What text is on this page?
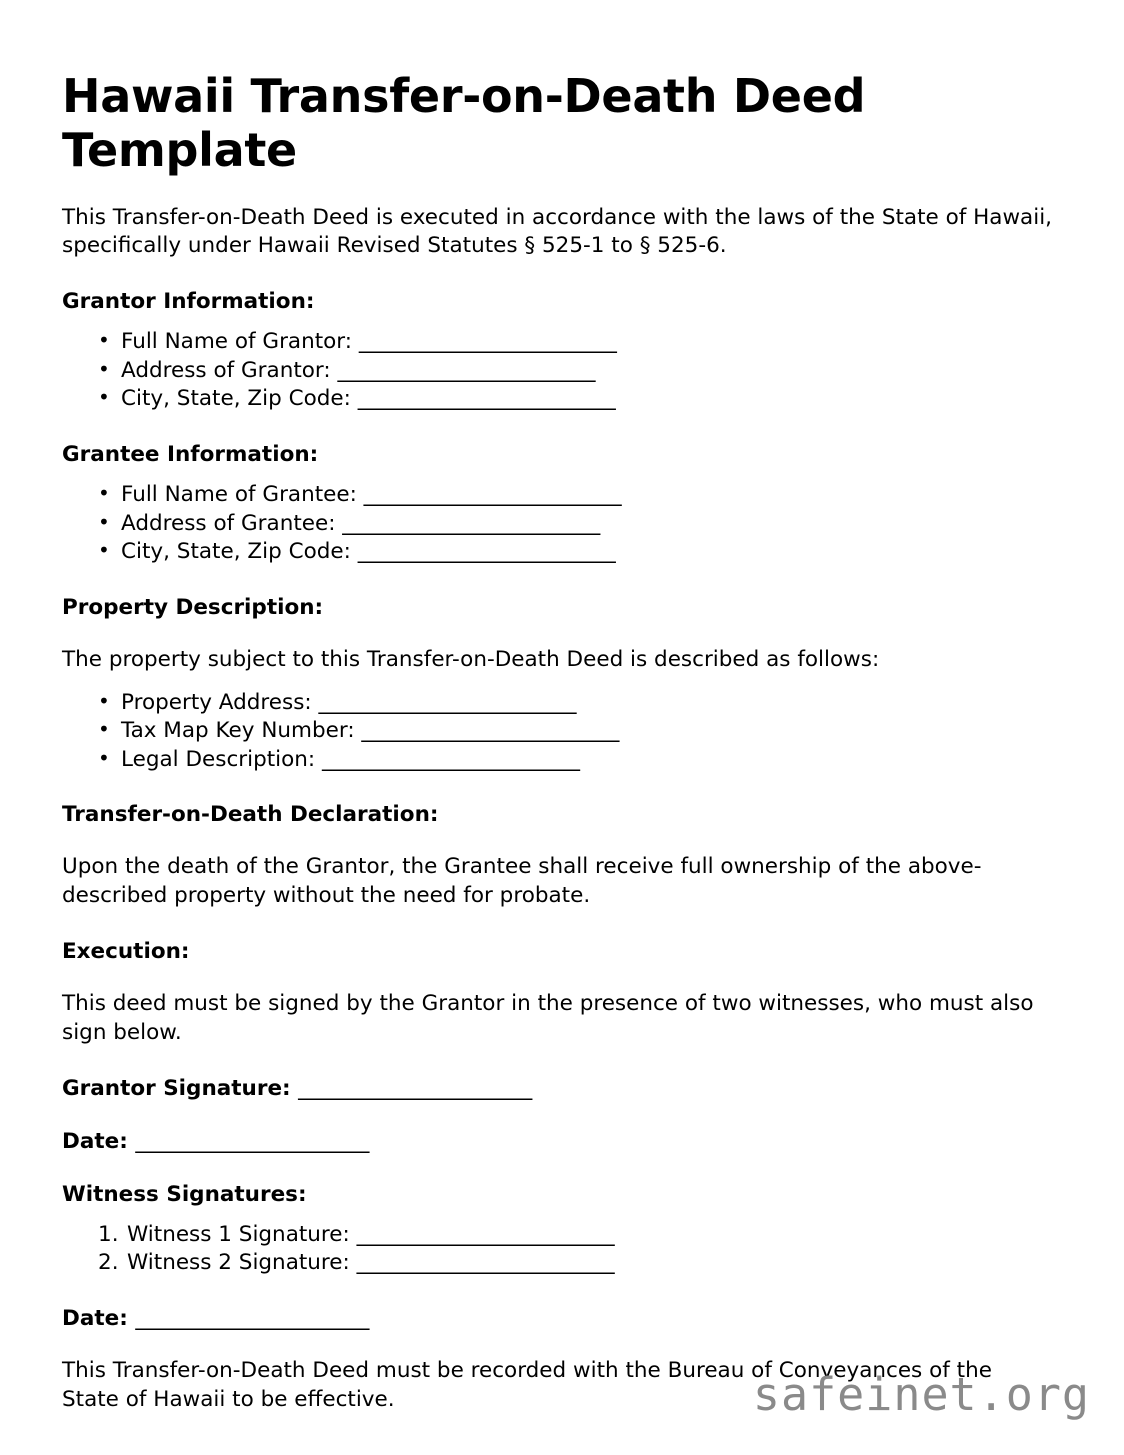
Hawaii Transfer-on-Death Deed Template

This Transfer-on-Death Deed is executed in accordance with the laws of the State of Hawaii, specifically under Hawaii Revised Statutes § 525-1 to § 525-6.

Grantor Information:
• Full Name of Grantor: ________________________
• Address of Grantor: ________________________
• City, State, Zip Code: ________________________
Grantee Information:
• Full Name of Grantee: ________________________
• Address of Grantee: ________________________
• City, State, Zip Code: ________________________
Property Description:

The property subject to this Transfer-on-Death Deed is described as follows:

• Property Address: ________________________
• Tax Map Key Number: ________________________
• Legal Description: ________________________
Transfer-on-Death Declaration:

Upon the death of the Grantor, the Grantee shall receive full ownership of the above-described property without the need for probate.

Execution:

This deed must be signed by the Grantor in the presence of two witnesses, who must also sign below.

Grantor Signature: _______________________

Date: _______________________

Witness Signatures:
Witness 1 Signature: ________________________
Witness 2 Signature: ________________________

Date: _______________________

This Transfer-on-Death Deed must be recorded with the Bureau of Conveyances of the State of Hawaii to be effective.	safeinet.org
